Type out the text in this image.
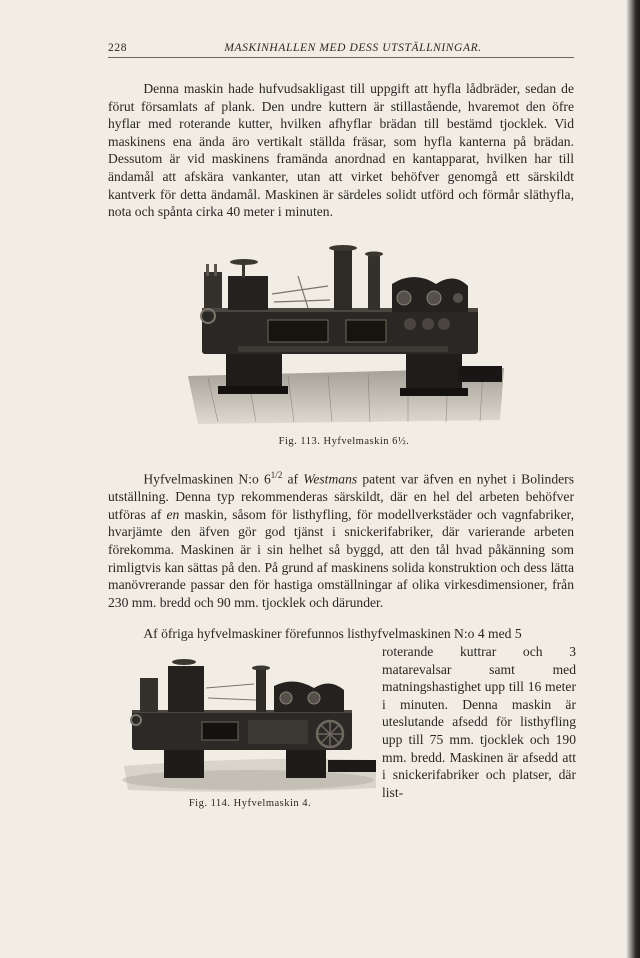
228	MASKINHALLEN MED DESS UTSTÄLLNINGAR.

Denna maskin hade hufvudsakligast till uppgift att hyfla lådbräder, sedan de förut församlats af plank. Den undre kuttern är stillastående, hvaremot den öfre hyflar med roterande kutter, hvilken afhyflar brädan till bestämd tjocklek. Vid maskinens ena ända äro vertikalt ställda fräsar, som hyfla kanterna på brädan. Dessutom är vid maskinens framända anordnad en kantapparat, hvilken har till ändamål att afskära vankanter, utan att virket behöfver genomgå ett särskildt kantverk för detta ändamål. Maskinen är särdeles solidt utförd och förmår släthyfla, nota och spånta cirka 40 meter i minuten.

Fig. 113. Hyfvelmaskin 6½.

Hyfvelmaskinen N:o $6^{1/2}$ af Westmans patent var äfven en nyhet i Bolinders utställning. Denna typ rekommenderas särskildt, där en hel del arbeten behöfver utföras af en maskin, såsom för listhyfling, för modellverkstäder och vagnfabriker, hvarjämte den äfven gör god tjänst i snickerifabriker, där varierande arbeten förekomma. Maskinen är i sin helhet så byggd, att den tål hvad påkänning som rimligtvis kan sättas på den. På grund af maskinens solida konstruktion och dess lätta manövrerande passar den för hastiga omställningar af olika virkesdimensioner, från 230 mm. bredd och 90 mm. tjocklek och därunder.

Af öfriga hyfvelmaskiner förefunnos listhyfvelmaskinen N:o 4 med 5

Fig. 114. Hyfvelmaskin 4.

roterande kuttrar och 3 matarevalsar samt med matningshastighet upp till 16 meter i minuten. Denna maskin är uteslutande afsedd för listhyfling upp till 75 mm. tjocklek och 190 mm. bredd. Maskinen är afsedd att i snickerifabriker och platser, där list-
